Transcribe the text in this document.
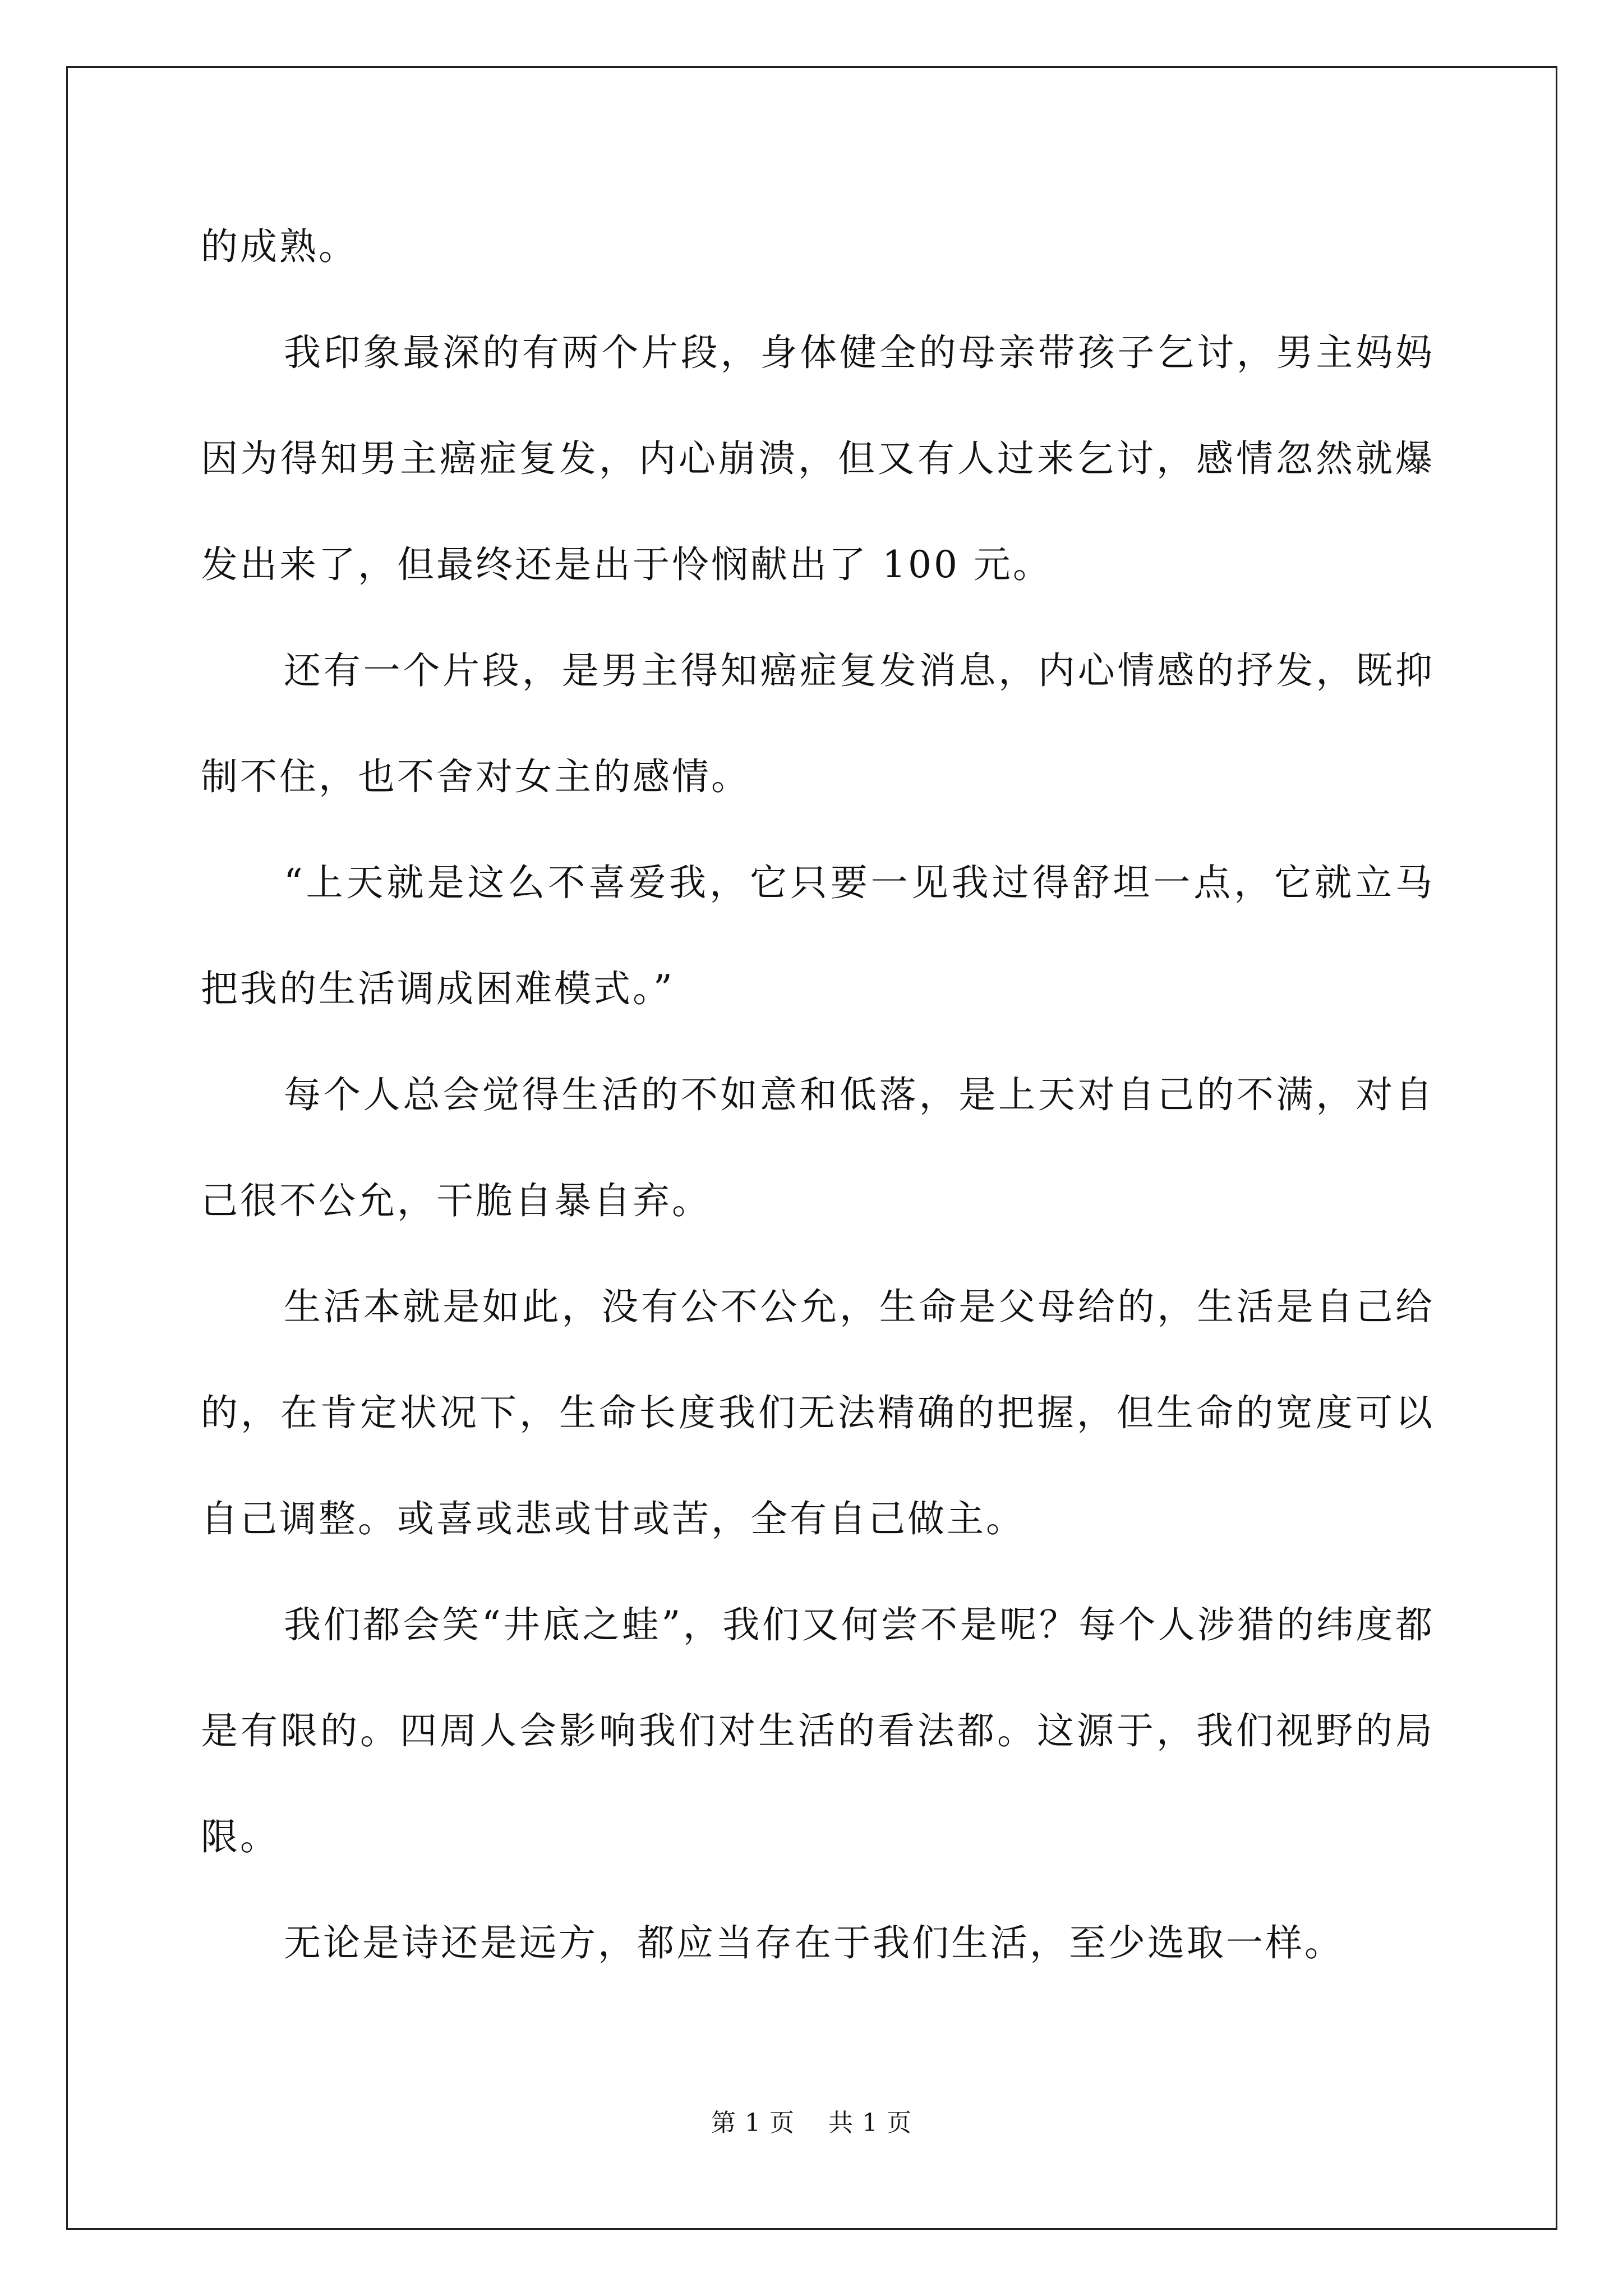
的成熟。

我印象最深的有两个片段，身体健全的母亲带孩子乞讨，男主妈妈因为得知男主癌症复发，内心崩溃，但又有人过来乞讨，感情忽然就爆发出来了，但最终还是出于怜悯献出了 100 元。

还有一个片段，是男主得知癌症复发消息，内心情感的抒发，既抑制不住，也不舍对女主的感情。

“上天就是这么不喜爱我，它只要一见我过得舒坦一点，它就立马把我的生活调成困难模式。”

每个人总会觉得生活的不如意和低落，是上天对自己的不满，对自己很不公允，干脆自暴自弃。

生活本就是如此，没有公不公允，生命是父母给的，生活是自己给的，在肯定状况下，生命长度我们无法精确的把握，但生命的宽度可以自己调整。或喜或悲或甘或苦，全有自己做主。

我们都会笑“井底之蛙”，我们又何尝不是呢？每个人涉猎的纬度都是有限的。四周人会影响我们对生活的看法都。这源于，我们视野的局限。

无论是诗还是远方，都应当存在于我们生活，至少选取一样。

第 1 页 共 1 页
